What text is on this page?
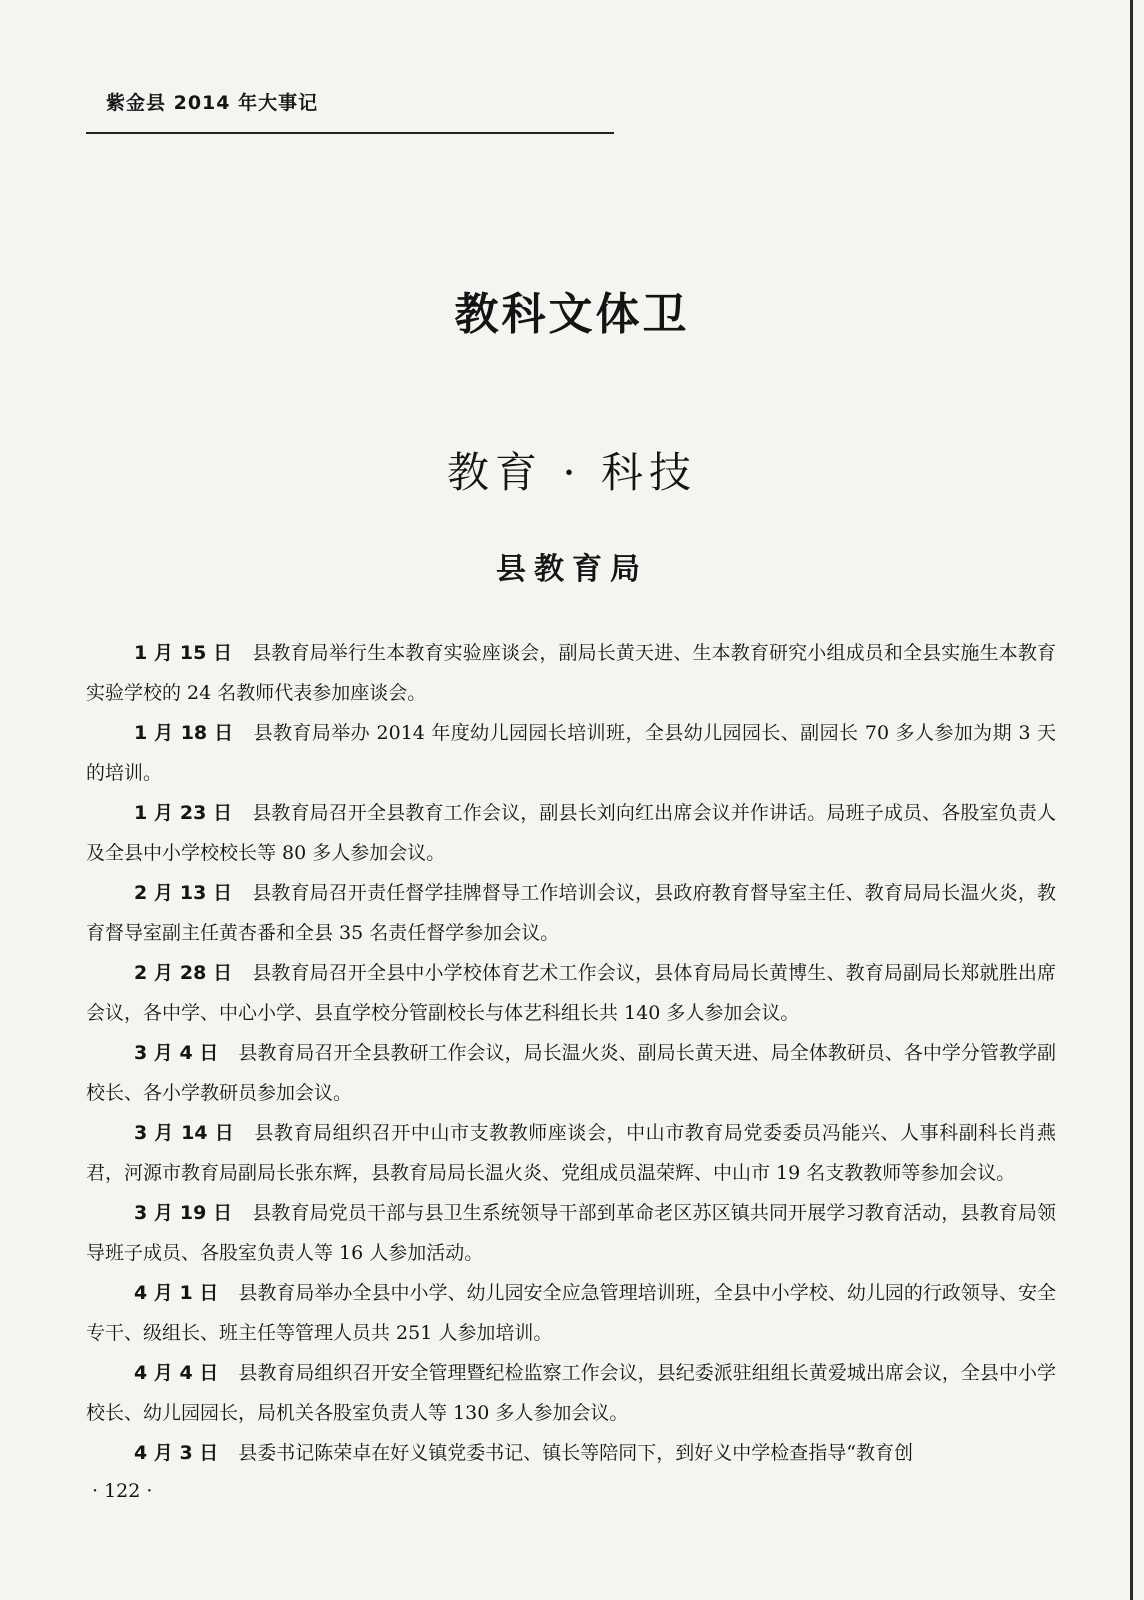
紫金县 2014 年大事记
教科文体卫
教育 · 科技
县教育局

1 月 15 日 县教育局举行生本教育实验座谈会，副局长黄天进、生本教育研究小组成员和全县实施生本教育实验学校的 24 名教师代表参加座谈会。

1 月 18 日 县教育局举办 2014 年度幼儿园园长培训班，全县幼儿园园长、副园长 70 多人参加为期 3 天的培训。

1 月 23 日 县教育局召开全县教育工作会议，副县长刘向红出席会议并作讲话。局班子成员、各股室负责人及全县中小学校校长等 80 多人参加会议。

2 月 13 日 县教育局召开责任督学挂牌督导工作培训会议，县政府教育督导室主任、教育局局长温火炎，教育督导室副主任黄杏番和全县 35 名责任督学参加会议。

2 月 28 日 县教育局召开全县中小学校体育艺术工作会议，县体育局局长黄博生、教育局副局长郑就胜出席会议，各中学、中心小学、县直学校分管副校长与体艺科组长共 140 多人参加会议。

3 月 4 日 县教育局召开全县教研工作会议，局长温火炎、副局长黄天进、局全体教研员、各中学分管教学副校长、各小学教研员参加会议。

3 月 14 日 县教育局组织召开中山市支教教师座谈会，中山市教育局党委委员冯能兴、人事科副科长肖燕君，河源市教育局副局长张东辉，县教育局局长温火炎、党组成员温荣辉、中山市 19 名支教教师等参加会议。

3 月 19 日 县教育局党员干部与县卫生系统领导干部到革命老区苏区镇共同开展学习教育活动，县教育局领导班子成员、各股室负责人等 16 人参加活动。

4 月 1 日 县教育局举办全县中小学、幼儿园安全应急管理培训班，全县中小学校、幼儿园的行政领导、安全专干、级组长、班主任等管理人员共 251 人参加培训。

4 月 4 日 县教育局组织召开安全管理暨纪检监察工作会议，县纪委派驻组组长黄爱城出席会议，全县中小学校长、幼儿园园长，局机关各股室负责人等 130 多人参加会议。

4 月 3 日 县委书记陈荣卓在好义镇党委书记、镇长等陪同下，到好义中学检查指导“教育创

· 122 ·
